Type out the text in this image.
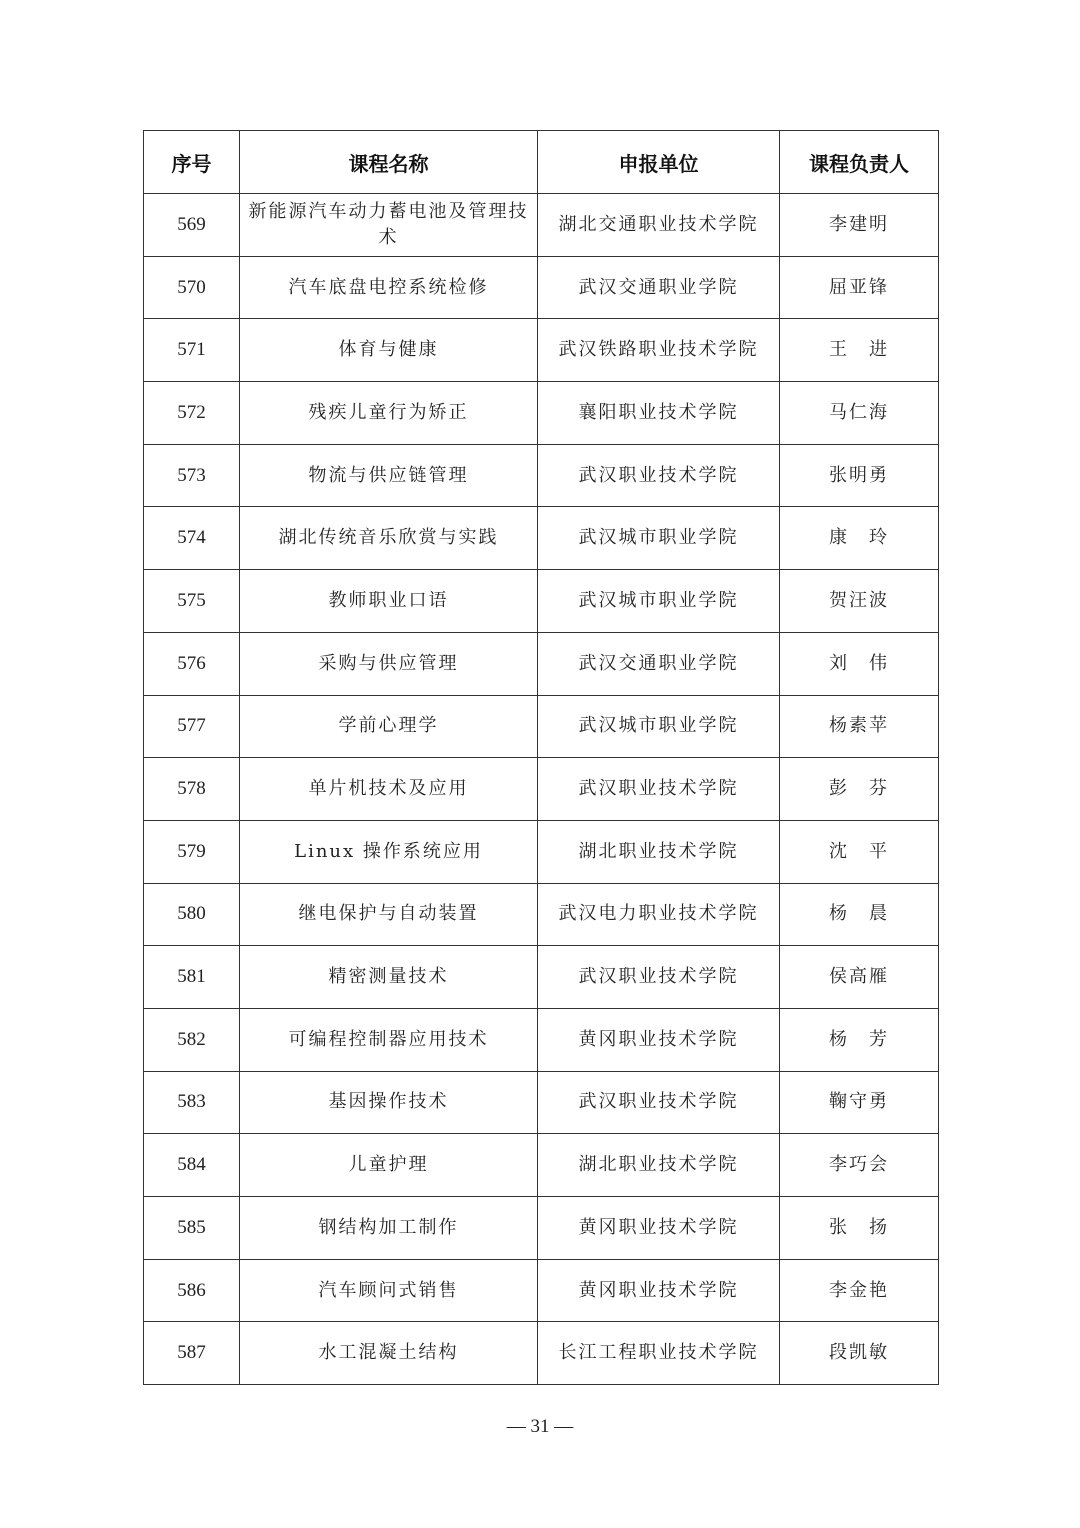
序号	课程名称	申报单位	课程负责人
569	新能源汽车动力蓄电池及管理技术	湖北交通职业技术学院	李建明
570	汽车底盘电控系统检修	武汉交通职业学院	屈亚锋
571	体育与健康	武汉铁路职业技术学院	王　进
572	残疾儿童行为矫正	襄阳职业技术学院	马仁海
573	物流与供应链管理	武汉职业技术学院	张明勇
574	湖北传统音乐欣赏与实践	武汉城市职业学院	康　玲
575	教师职业口语	武汉城市职业学院	贺汪波
576	采购与供应管理	武汉交通职业学院	刘　伟
577	学前心理学	武汉城市职业学院	杨素苹
578	单片机技术及应用	武汉职业技术学院	彭　芬
579	Linux 操作系统应用	湖北职业技术学院	沈　平
580	继电保护与自动装置	武汉电力职业技术学院	杨　晨
581	精密测量技术	武汉职业技术学院	侯高雁
582	可编程控制器应用技术	黄冈职业技术学院	杨　芳
583	基因操作技术	武汉职业技术学院	鞠守勇
584	儿童护理	湖北职业技术学院	李巧会
585	钢结构加工制作	黄冈职业技术学院	张　扬
586	汽车顾问式销售	黄冈职业技术学院	李金艳
587	水工混凝土结构	长江工程职业技术学院	段凯敏
— 31 —
